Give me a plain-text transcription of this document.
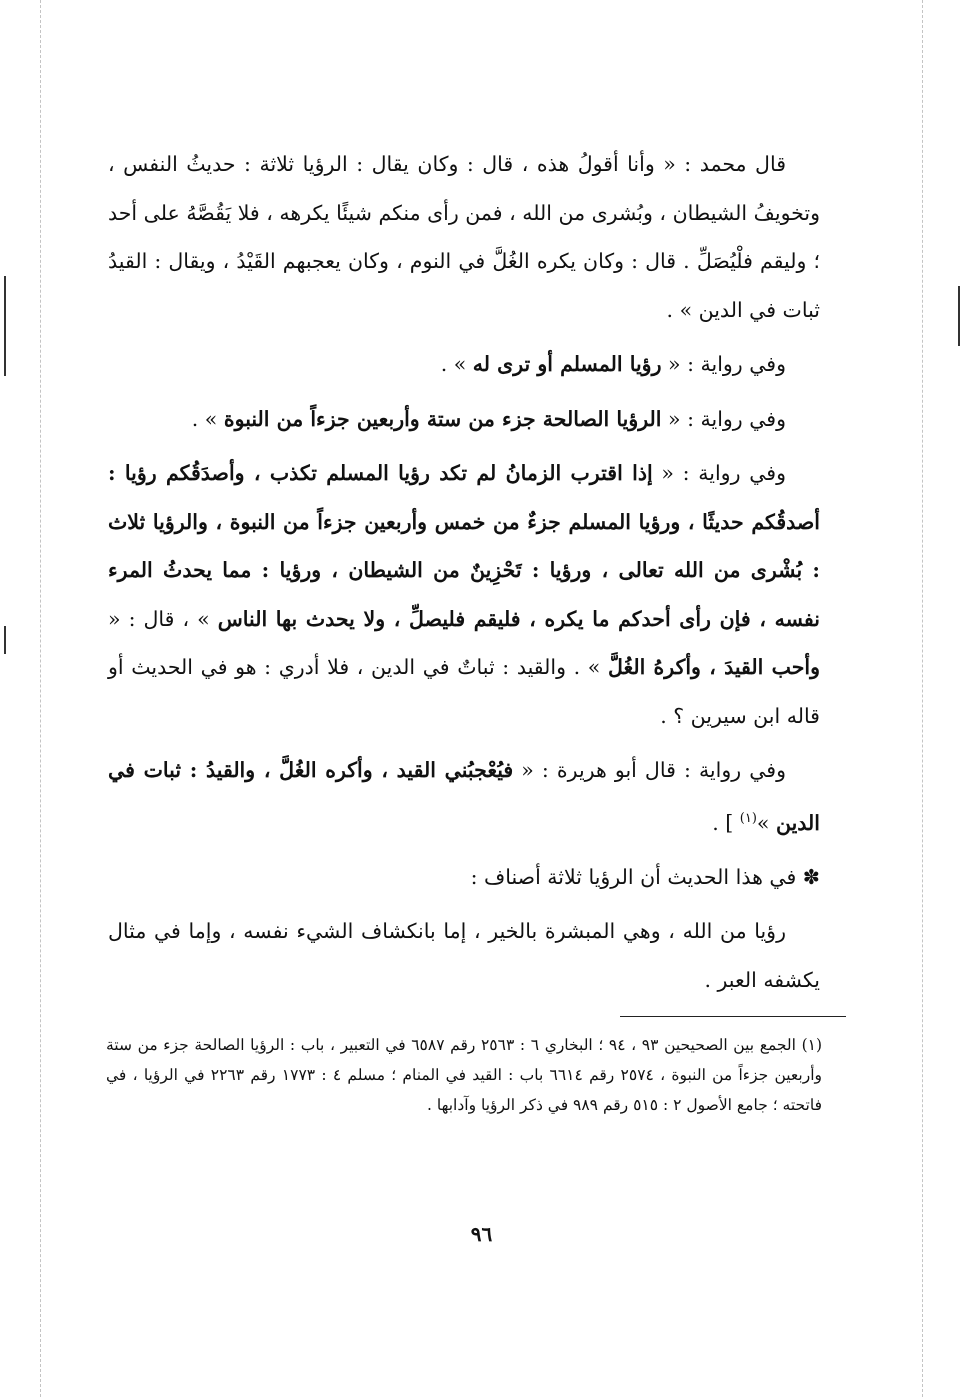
قال محمد : « وأنا أقولُ هذه ، قال : وكان يقال : الرؤيا ثلاثة : حديثُ النفس ، وتخويفُ الشيطان ، وبُشرى من الله ، فمن رأى منكم شيئًا يكرهه ، فلا يَقُصَّهُ على أحد ؛ وليقم فلْيُصَلِّ . قال : وكان يكره الغُلَّ في النوم ، وكان يعجبهم القَيْدُ ، ويقال : القيدُ ثبات في الدين » .

وفي رواية : « رؤيا المسلم أو ترى له » .

وفي رواية : « الرؤيا الصالحة جزء من ستة وأربعين جزءاً من النبوة » .

وفي رواية : « إذا اقترب الزمانُ لم تكد رؤيا المسلم تكذب ، وأصدَقُكم رؤيا : أصدقُكم حديثًا ، ورؤيا المسلم جزءٌ من خمس وأربعين جزءاً من النبوة ، والرؤيا ثلاث : بُشْرى من الله تعالى ، ورؤيا : تَحْزِينٌ من الشيطان ، ورؤيا : مما يحدثُ المرء نفسه ، فإن رأى أحدكم ما يكره ، فليقم فليصلِّ ، ولا يحدث بها الناس » ، قال : « وأحب القيدَ ، وأكرهُ الغُلَّ » . والقيد : ثباتٌ في الدين ، فلا أدري : هو في الحديث أو قاله ابن سيرين ؟ .

وفي رواية : قال أبو هريرة : « فيُعْجبُني القيد ، وأكره الغُلَّ ، والقيدُ : ثبات في الدين »$^{(١)}$ ] .

✽ في هذا الحديث أن الرؤيا ثلاثة أصناف :

رؤيا من الله ، وهي المبشرة بالخير ، إما بانكشاف الشيء نفسه ، وإما في مثال يكشفه العبر .

(١) الجمع بين الصحيحين ٩٣ ، ٩٤ ؛ البخاري ٦ : ٢٥٦٣ رقم ٦٥٨٧ في التعبير ، باب : الرؤيا الصالحة جزء من ستة وأربعين جزءاً من النبوة ، ٢٥٧٤ رقم ٦٦١٤ باب : القيد في المنام ؛ مسلم ٤ : ١٧٧٣ رقم ٢٢٦٣ في الرؤيا ، في فاتحته ؛ جامع الأصول ٢ : ٥١٥ رقم ٩٨٩ في ذكر الرؤيا وآدابها .
٩٦
